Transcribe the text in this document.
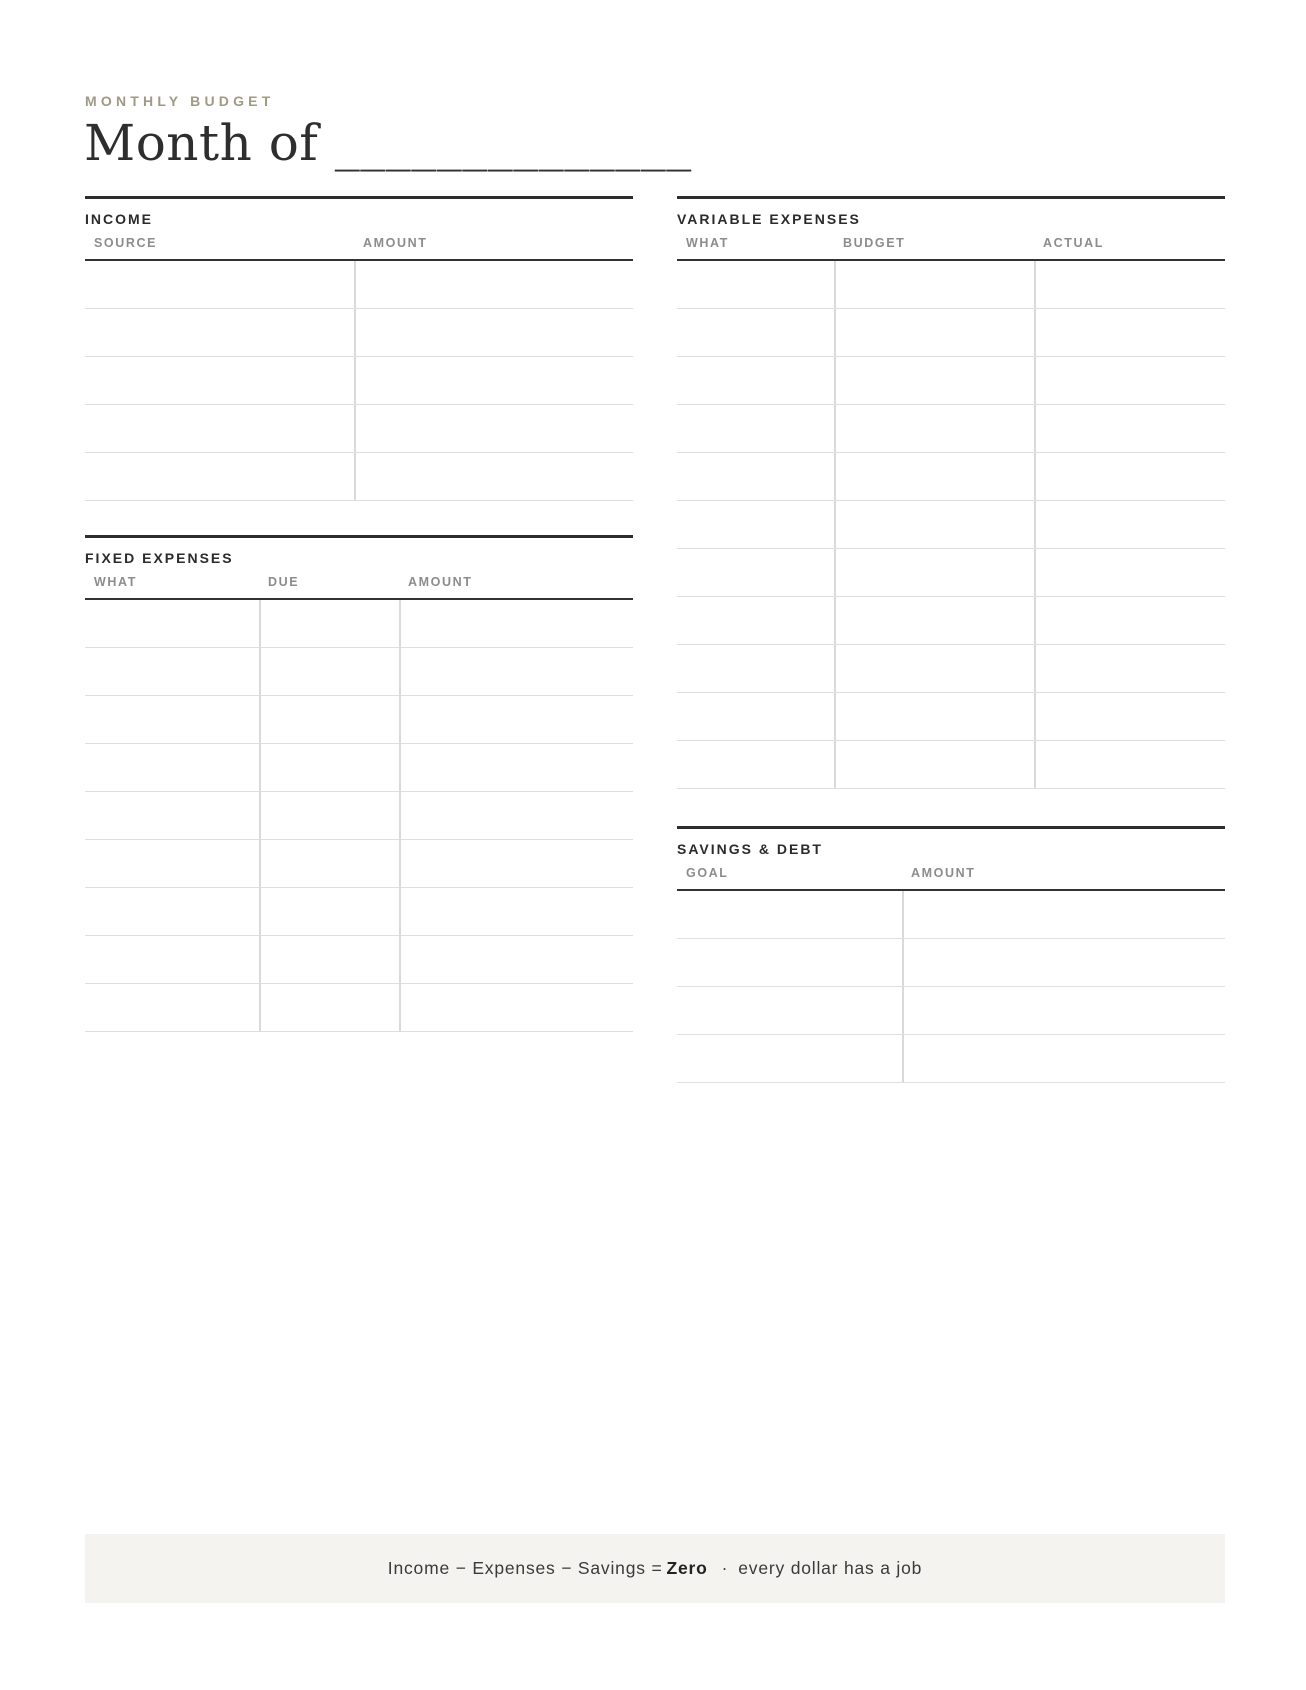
MONTHLY BUDGET
Month of ______________
INCOME
SOURCE	AMOUNT
FIXED EXPENSES
WHAT	DUE	AMOUNT
VARIABLE EXPENSES
WHAT	BUDGET	ACTUAL
SAVINGS & DEBT
GOAL	AMOUNT
Income − Expenses − Savings = Zero · every dollar has a job
